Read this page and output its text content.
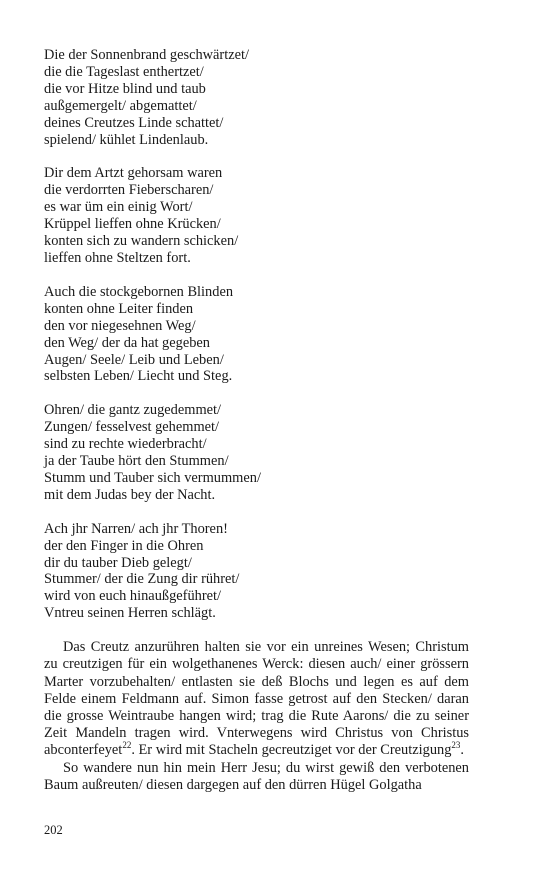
Die der Sonnenbrand geschwärtzet/
die die Tageslast enthertzet/
die vor Hitze blind und taub
außgemergelt/ abgemattet/
deines Creutzes Linde schattet/
spielend/ kühlet Lindenlaub.
Dir dem Artzt gehorsam waren
die verdorrten Fieberscharen/
es war üm ein einig Wort/
Krüppel lieffen ohne Krücken/
konten sich zu wandern schicken/
lieffen ohne Steltzen fort.
Auch die stockgebornen Blinden
konten ohne Leiter finden
den vor niegesehnen Weg/
den Weg/ der da hat gegeben
Augen/ Seele/ Leib und Leben/
selbsten Leben/ Liecht und Steg.
Ohren/ die gantz zugedemmet/
Zungen/ fesselvest gehemmet/
sind zu rechte wiederbracht/
ja der Taube hört den Stummen/
Stumm und Tauber sich vermummen/
mit dem Judas bey der Nacht.
Ach jhr Narren/ ach jhr Thoren!
der den Finger in die Ohren
dir du tauber Dieb gelegt/
Stummer/ der die Zung dir rühret/
wird von euch hinaußgeführet/
Vntreu seinen Herren schlägt.

Das Creutz anzurühren halten sie vor ein unreines Wesen; Christum zu creutzigen für ein wolgethanenes Werck: diesen auch/ einer grössern Marter vorzubehalten/ entlasten sie deß Blochs und legen es auf dem Felde einem Feldmann auf. Simon fasse getrost auf den Stecken/ daran die grosse Weintraube hangen wird; trag die Rute Aarons/ die zu seiner Zeit Mandeln tragen wird. Vnterwegens wird Christus von Christus abconterfeyet$^{22}$. Er wird mit Stacheln gecreutziget vor der Creutzigung$^{23}$.

So wandere nun hin mein Herr Jesu; du wirst gewiß den verbotenen Baum außreuten/ diesen dargegen auf den dürren Hügel Golgatha

202
